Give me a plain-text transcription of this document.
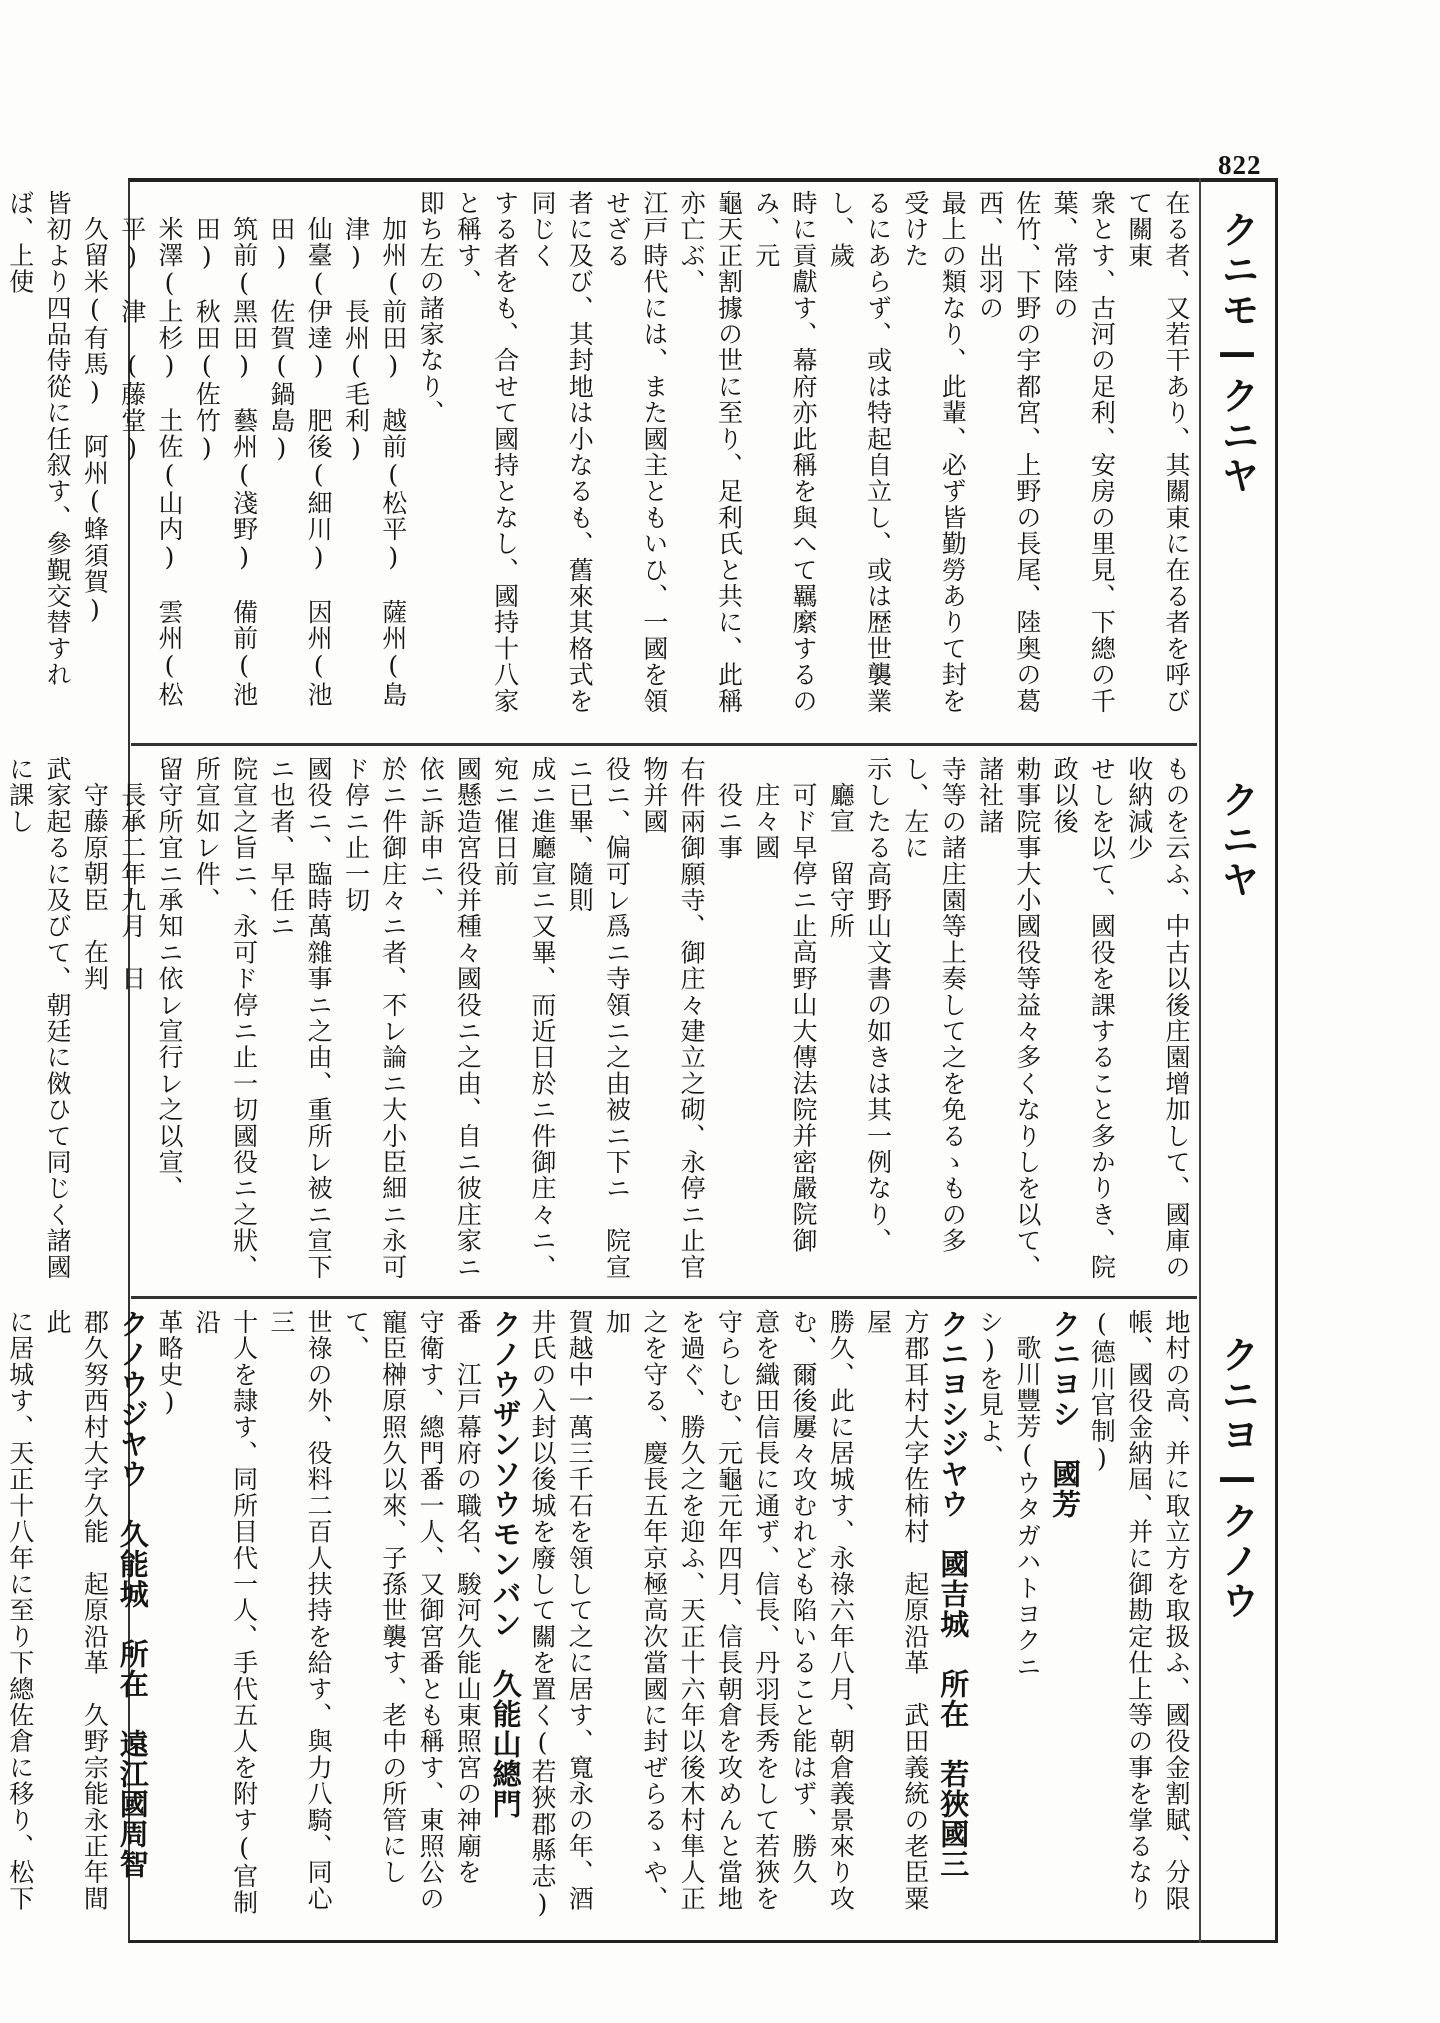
822
クニモ—クニヤ
クニヤ
クニヨ—クノウ

在る者、又若干あり、其關東に在る者を呼びて關東

衆とす、古河の足利、安房の里見、下總の千葉、常陸の

佐竹、下野の宇都宮、上野の長尾、陸奥の葛西、出羽の

最上の類なり、此輩、必ず皆勤勞ありて封を受けた

るにあらず、或は特起自立し、或は歴世襲業し、歲

時に貢獻す、幕府亦此稱を與へて羈縻するのみ、元

龜天正割據の世に至り、足利氏と共に、此稱亦亡ぶ、

江戸時代には、また國主ともいひ、一國を領せざる

者に及び、其封地は小なるも、舊來其格式を同じく

する者をも、合せて國持となし、國持十八家と稱す、

即ち左の諸家なり、

加州(前田)　越前(松平)　薩州(島津)　長州(毛利)

仙臺(伊達)　肥後(細川)　因州(池田)　佐賀(鍋島)

筑前(黑田)　藝州(淺野)　備前(池田)　秋田(佐竹)

米澤(上杉)　土佐(山内)　雲州(松平)　津　(藤堂)

久留米(有馬)　阿州(蜂須賀)

皆初より四品侍從に任叙す、參覲交替すれば、上使

ものを云ふ、中古以後庄園增加して、國庫の收納減少

せしを以て、國役を課すること多かりき、院政以後

勅事院事大小國役等益々多くなりしを以て、諸社諸

寺等の諸庄園等上奏して之を免るゝもの多し、左に

示したる高野山文書の如きは其一例なり、

廳宣　留守所

可ド早停ニ止高野山大傳法院并密嚴院御庄々國

役ニ事

右件兩御願寺、御庄々建立之砌、永停ニ止官物并國

役ニ、偏可レ爲ニ寺領ニ之由被ニ下ニ　院宣ニ已畢、隨則

成ニ進廳宣ニ又畢、而近日於ニ件御庄々ニ、宛ニ催日前

國懸造宮役并種々國役ニ之由、自ニ彼庄家ニ依ニ訴申ニ、

於ニ件御庄々ニ者、不レ論ニ大小臣細ニ永可ド停ニ止一切

國役ニ、臨時萬雜事ニ之由、重所レ被ニ宣下ニ也者、早任ニ

院宣之旨ニ、永可ド停ニ止一切國役ニ之狀、所宣如レ件、

留守所宜ニ承知ニ依レ宣行レ之以宣、

長承二年九月　日

守藤原朝臣　在判

武家起るに及びて、朝廷に傚ひて同じく諸國に課し

地村の高、并に取立方を取扱ふ、國役金割賦、分限

帳、國役金納屆、并に御勘定仕上等の事を掌るなり

(德川官制)

クニヨシ　國芳

歌川豐芳(ウタガハトヨクニ

シ)を見よ、

クニヨシジヤウ　國吉城　所在　若狹國三

方郡耳村大字佐柿村　起原沿革　武田義統の老臣粟屋

勝久、此に居城す、永祿六年八月、朝倉義景來り攻

む、爾後屢々攻むれども陷いること能はず、勝久

意を織田信長に通ず、信長、丹羽長秀をして若狹を

守らしむ、元龜元年四月、信長朝倉を攻めんと當地

を過ぐ、勝久之を迎ふ、天正十六年以後木村隼人正

之を守る、慶長五年京極高次當國に封ぜらるゝや、加

賀越中一萬三千石を領して之に居す、寬永の年、酒

井氏の入封以後城を廢して關を置く(若狹郡縣志)

クノウザンソウモンバン　久能山總門

番　江戸幕府の職名、駿河久能山東照宮の神廟を

守衛す、總門番一人、又御宮番とも稱す、東照公の

寵臣榊原照久以來、子孫世襲す、老中の所管にして、

世祿の外、役料二百人扶持を給す、與力八騎、同心三

十人を隷す、同所目代一人、手代五人を附す(官制沿

革略史)

クノウジヤウ　久能城　所在　遠江國周智

郡久努西村大字久能　起原沿革　久野宗能永正年間此

に居城す、天正十八年に至り下總佐倉に移り、松下
